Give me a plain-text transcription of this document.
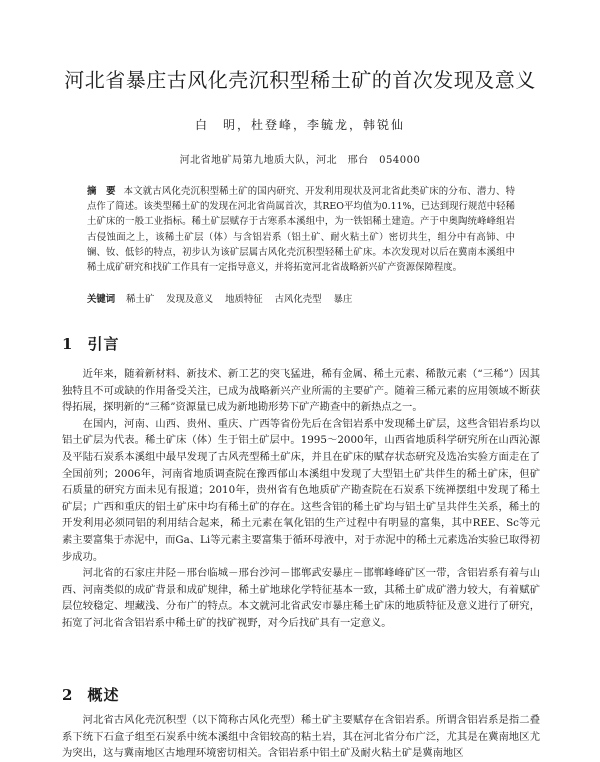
河北省暴庄古风化壳沉积型稀土矿的首次发现及意义
白　明，杜登峰，李毓龙，韩锐仙
河北省地矿局第九地质大队，河北　邢台　054000
摘　要 本文就古风化壳沉积型稀土矿的国内研究、开发利用现状及河北省此类矿床的分布、潜力、特点作了简述。该类型稀土矿的发现在河北省尚属首次，其REO平均值为0.11%，已达到现行规范中轻稀土矿床的一般工业指标。稀土矿层赋存于古寒系本溪组中，为一铁铝稀土建造。产于中奥陶统峰峰组岩古侵蚀面之上，该稀土矿层（体）与含铝岩系（铝土矿、耐火粘土矿）密切共生，组分中有高铈、中镧、钕、低钐的特点，初步认为该矿层属古风化壳沉积型轻稀土矿床。本次发现对以后在冀南本溪组中稀土成矿研究和找矿工作具有一定指导意义，并将拓宽河北省战略新兴矿产资源保障程度。
关键词 稀土矿 发现及意义 地质特征 古风化壳型 暴庄
1 引言

近年来，随着新材料、新技术、新工艺的突飞猛进，稀有金属、稀土元素、稀散元素（“三稀”）因其独特且不可或缺的作用备受关注，已成为战略新兴产业所需的主要矿产。随着三稀元素的应用领域不断获得拓展，探明新的“三稀”资源量已成为新地勘形势下矿产勘查中的新热点之一。

在国内，河南、山西、贵州、重庆、广西等省份先后在含铝岩系中发现稀土矿层，这些含铝岩系均以铝土矿层为代表。稀土矿床（体）生于铝土矿层中。1995～2000年，山西省地质科学研究所在山西沁源及平陆石炭系本溪组中最早发现了古风壳型稀土矿床，并且在矿床的赋存状态研究及选冶实验方面走在了全国前列；2006年，河南省地质调查院在豫西郁山本溪组中发现了大型铝土矿共伴生的稀土矿床，但矿石质量的研究方面未见有报道；2010年，贵州省有色地质矿产勘查院在石炭系下统禅摆组中发现了稀土矿层；广西和重庆的铝土矿床中均有稀土矿的存在。这些含铝的稀土矿均与铝土矿呈共伴生关系，稀土的开发利用必须同铝的利用结合起来，稀土元素在氧化铝的生产过程中有明显的富集，其中REE、Sc等元素主要富集于赤泥中，而Ga、Li等元素主要富集于循环母液中，对于赤泥中的稀土元素选冶实验已取得初步成功。

河北省的石家庄井陉－邢台临城－邢台沙河－邯郸武安暴庄－邯郸峰峰矿区一带，含铝岩系有着与山西、河南类似的成矿背景和成矿规律，稀土矿地球化学特征基本一致，其稀土矿成矿潜力较大，有着赋矿层位较稳定、埋藏浅、分布广的特点。本文就河北省武安市暴庄稀土矿床的地质特征及意义进行了研究，拓宽了河北省含铝岩系中稀土矿的找矿视野，对今后找矿具有一定意义。

2 概述

河北省古风化壳沉积型（以下简称古风化壳型）稀土矿主要赋存在含铝岩系。所谓含铝岩系是指二叠系下统下石盒子组至石炭系中统本溪组中含铝较高的粘土岩，其在河北省分布广泛，尤其是在冀南地区尤为突出，这与冀南地区古地理环境密切相关。含铝岩系中铝土矿及耐火粘土矿是冀南地区
